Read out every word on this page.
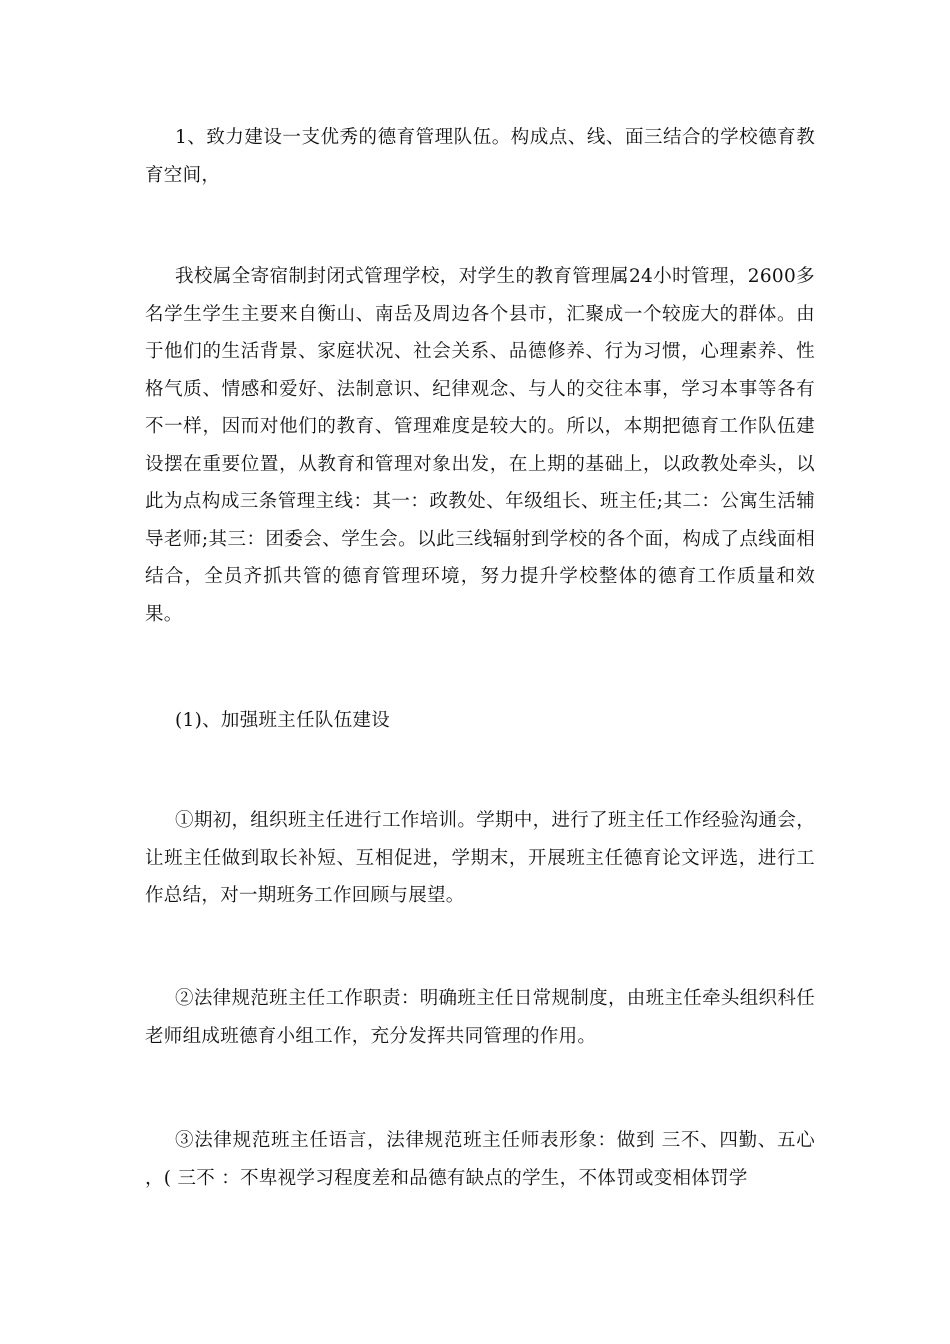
1、致力建设一支优秀的德育管理队伍。构成点、线、面三结合的学校德育教育空间，

我校属全寄宿制封闭式管理学校，对学生的教育管理属24小时管理，2600多名学生学生主要来自衡山、南岳及周边各个县市，汇聚成一个较庞大的群体。由于他们的生活背景、家庭状况、社会关系、品德修养、行为习惯，心理素养、性格气质、情感和爱好、法制意识、纪律观念、与人的交往本事，学习本事等各有不一样，因而对他们的教育、管理难度是较大的。所以，本期把德育工作队伍建设摆在重要位置，从教育和管理对象出发，在上期的基础上，以政教处牵头，以此为点构成三条管理主线：其一：政教处、年级组长、班主任;其二：公寓生活辅导老师;其三：团委会、学生会。以此三线辐射到学校的各个面，构成了点线面相结合，全员齐抓共管的德育管理环境，努力提升学校整体的德育工作质量和效果。

(1)、加强班主任队伍建设

①期初，组织班主任进行工作培训。学期中，进行了班主任工作经验沟通会，让班主任做到取长补短、互相促进，学期末，开展班主任德育论文评选，进行工作总结，对一期班务工作回顾与展望。

②法律规范班主任工作职责：明确班主任日常规制度，由班主任牵头组织科任老师组成班德育小组工作，充分发挥共同管理的作用。

③法律规范班主任语言，法律规范班主任师表形象：做到 三不、四勤、五心 ，( 三不 ：不卑视学习程度差和品德有缺点的学生，不体罚或变相体罚学
